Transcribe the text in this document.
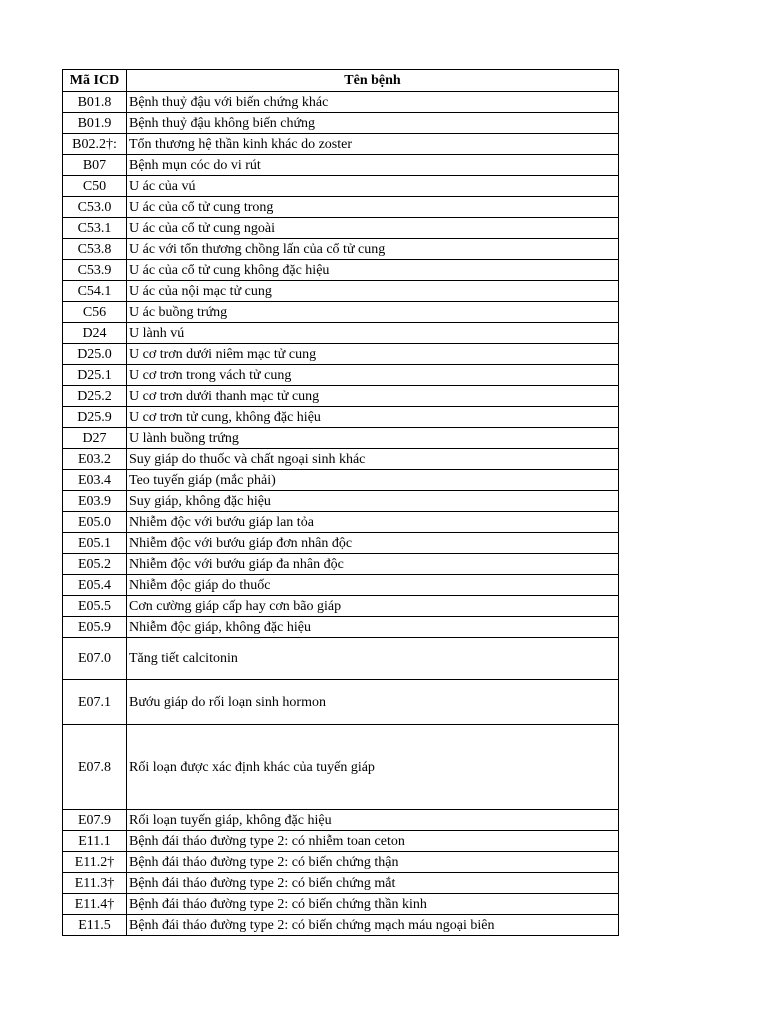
Mã ICD	Tên bệnh
B01.8	Bệnh thuỷ đậu với biến chứng khác
B01.9	Bệnh thuỷ đậu không biến chứng
B02.2†:	Tổn thương hệ thần kinh khác do zoster
B07	Bệnh mụn cóc do vi rút
C50	U ác của vú
C53.0	U ác của cổ tử cung trong
C53.1	U ác của cổ tử cung ngoài
C53.8	U ác với tổn thương chồng lấn của cổ tử cung
C53.9	U ác của cổ tử cung không đặc hiệu
C54.1	U ác của nội mạc tử cung
C56	U ác buồng trứng
D24	U lành vú
D25.0	U cơ trơn dưới niêm mạc tử cung
D25.1	U cơ trơn trong vách tử cung
D25.2	U cơ trơn dưới thanh mạc tử cung
D25.9	U cơ trơn tử cung, không đặc hiệu
D27	U lành buồng trứng
E03.2	Suy giáp do thuốc và chất ngoại sinh khác
E03.4	Teo tuyến giáp (mắc phải)
E03.9	Suy giáp, không đặc hiệu
E05.0	Nhiễm độc với bướu giáp lan tỏa
E05.1	Nhiễm độc với bướu giáp đơn nhân độc
E05.2	Nhiễm độc với bướu giáp đa nhân độc
E05.4	Nhiễm độc giáp do thuốc
E05.5	Cơn cường giáp cấp hay cơn bão giáp
E05.9	Nhiễm độc giáp, không đặc hiệu
E07.0	Tăng tiết calcitonin
E07.1	Bướu giáp do rối loạn sinh hormon
E07.8	Rối loạn được xác định khác của tuyến giáp
E07.9	Rối loạn tuyến giáp, không đặc hiệu
E11.1	Bệnh đái tháo đường type 2: có nhiễm toan ceton
E11.2†	Bệnh đái tháo đường type 2: có biến chứng thận
E11.3†	Bệnh đái tháo đường type 2: có biến chứng mắt
E11.4†	Bệnh đái tháo đường type 2: có biến chứng thần kinh
E11.5	Bệnh đái tháo đường type 2: có biến chứng mạch máu ngoại biên
